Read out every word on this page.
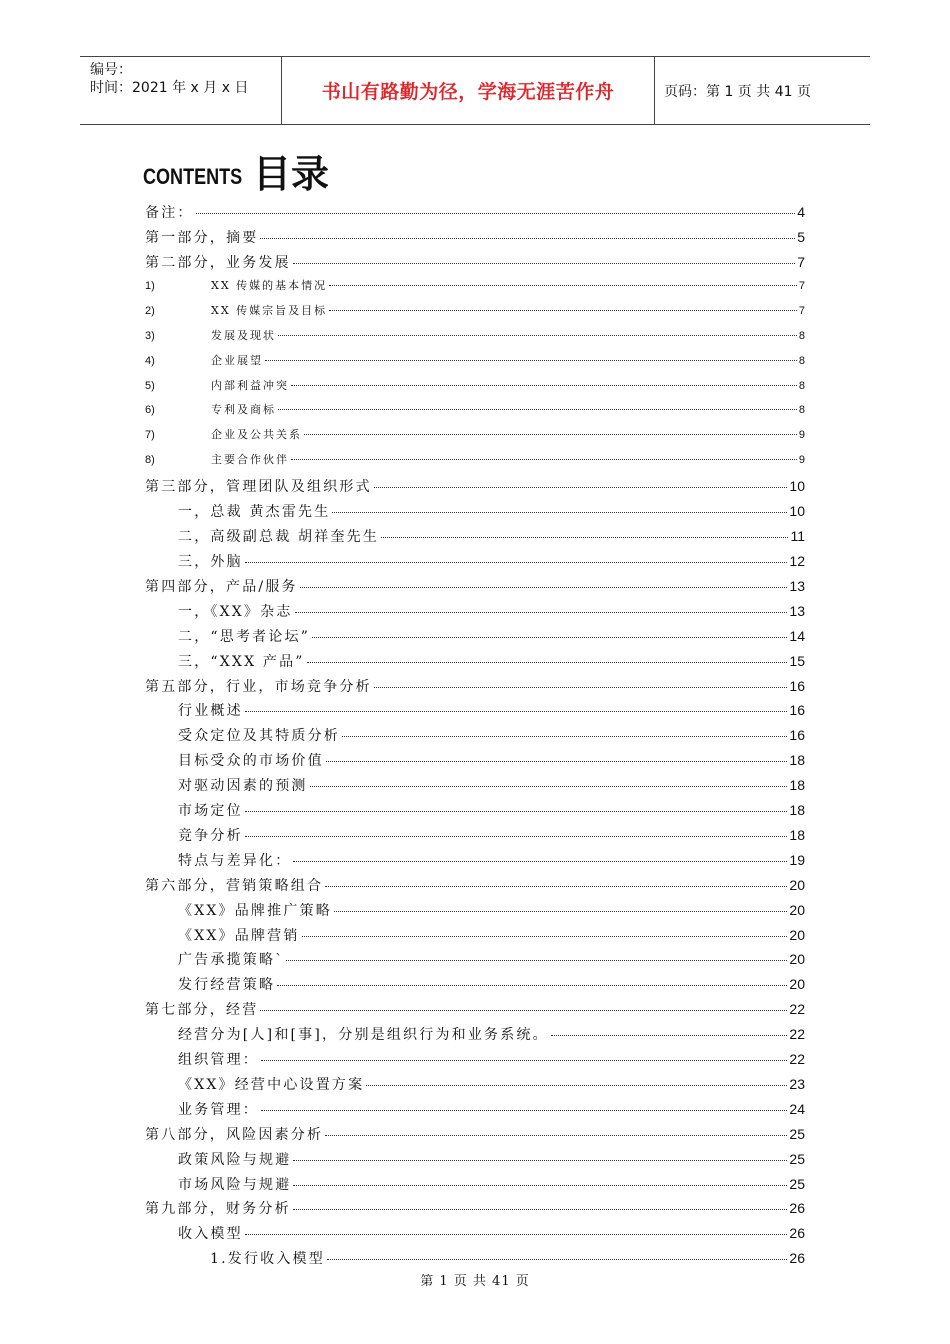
编号：
时间：2021 年 x 月 x 日	书山有路勤为径，学海无涯苦作舟	页码：第 1 页 共 41 页
CONTENTS 目录
备注：	4
第一部分，摘要	5
第二部分，业务发展	7
1)	XX 传媒的基本情况	7
2)	XX 传媒宗旨及目标	7
3)	发展及现状	8
4)	企业展望	8
5)	内部利益冲突	8
6)	专利及商标	8
7)	企业及公共关系	9
8)	主要合作伙伴	9
第三部分，管理团队及组织形式	10
一，总裁 黄杰雷先生	10
二，高级副总裁 胡祥奎先生	11
三，外脑	12
第四部分，产品/服务	13
一，《XX》杂志	13
二，“思考者论坛”	14
三，“XXX 产品”	15
第五部分，行业，市场竞争分析	16
行业概述	16
受众定位及其特质分析	16
目标受众的市场价值	18
对驱动因素的预测	18
市场定位	18
竞争分析	18
特点与差异化：	19
第六部分，营销策略组合	20
《XX》品牌推广策略	20
《XX》品牌营销	20
广告承揽策略`	20
发行经营策略	20
第七部分，经营	22
经营分为[人]和[事]，分别是组织行为和业务系统。	22
组织管理：	22
《XX》经营中心设置方案	23
业务管理：	24
第八部分，风险因素分析	25
政策风险与规避	25
市场风险与规避	25
第九部分，财务分析	26
收入模型	26
1.发行收入模型	26
第 1 页 共 41 页
